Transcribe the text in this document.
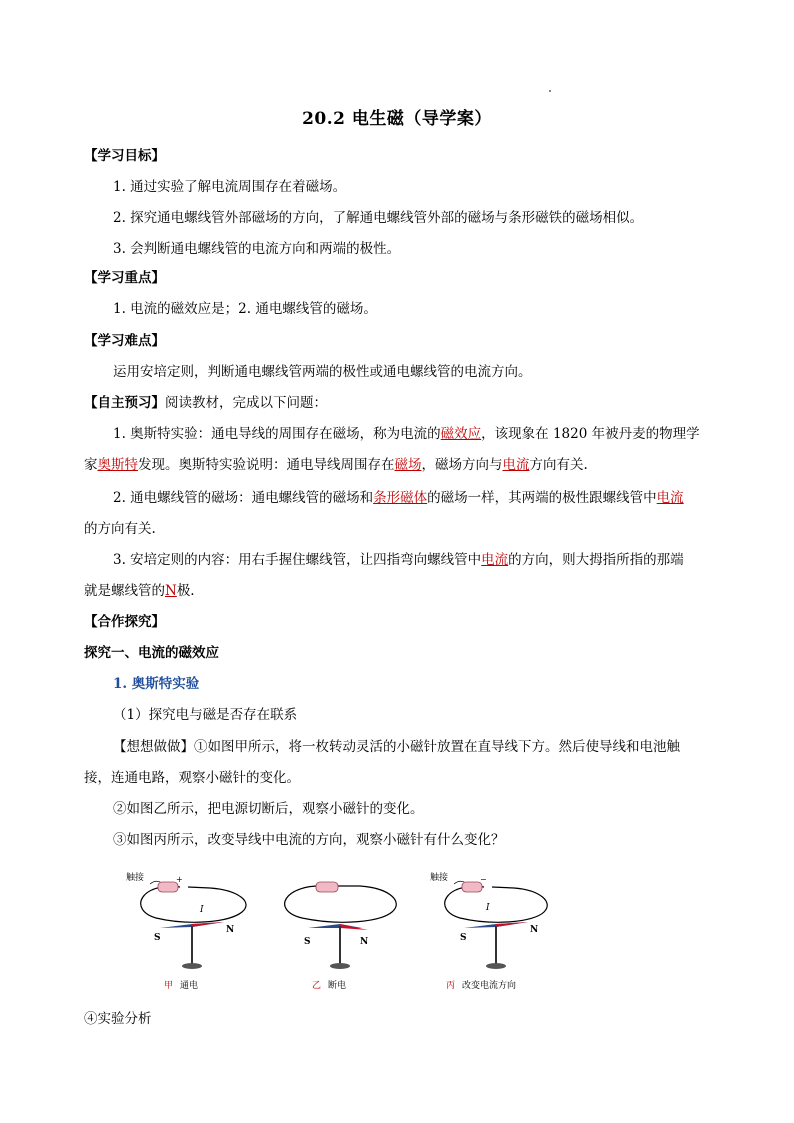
20.2 电生磁（导学案）
【学习目标】
1. 通过实验了解电流周围存在着磁场。
2. 探究通电螺线管外部磁场的方向，了解通电螺线管外部的磁场与条形磁铁的磁场相似。
3. 会判断通电螺线管的电流方向和两端的极性。
【学习重点】
1. 电流的磁效应是；2. 通电螺线管的磁场。
【学习难点】
运用安培定则，判断通电螺线管两端的极性或通电螺线管的电流方向。
【自主预习】阅读教材，完成以下问题：
1. 奥斯特实验：通电导线的周围存在磁场，称为电流的磁效应，该现象在 1820 年被丹麦的物理学
家奥斯特发现。奥斯特实验说明：通电导线周围存在磁场，磁场方向与电流方向有关.
2. 通电螺线管的磁场：通电螺线管的磁场和条形磁体的磁场一样，其两端的极性跟螺线管中电流
的方向有关.
3. 安培定则的内容：用右手握住螺线管，让四指弯向螺线管中电流的方向，则大拇指所指的那端
就是螺线管的N极.
【合作探究】
探究一、电流的磁效应
1. 奥斯特实验
（1）探究电与磁是否存在联系
【想想做做】①如图甲所示，将一枚转动灵活的小磁针放置在直导线下方。然后使导线和电池触
接，连通电路，观察小磁针的变化。
②如图乙所示，把电源切断后，观察小磁针的变化。
③如图丙所示，改变导线中电流的方向，观察小磁针有什么变化？
触接	+
I
S
N
甲 通电
S	N
乙 断电
触接	−
I
S
N
丙 改变电流方向
④实验分析
